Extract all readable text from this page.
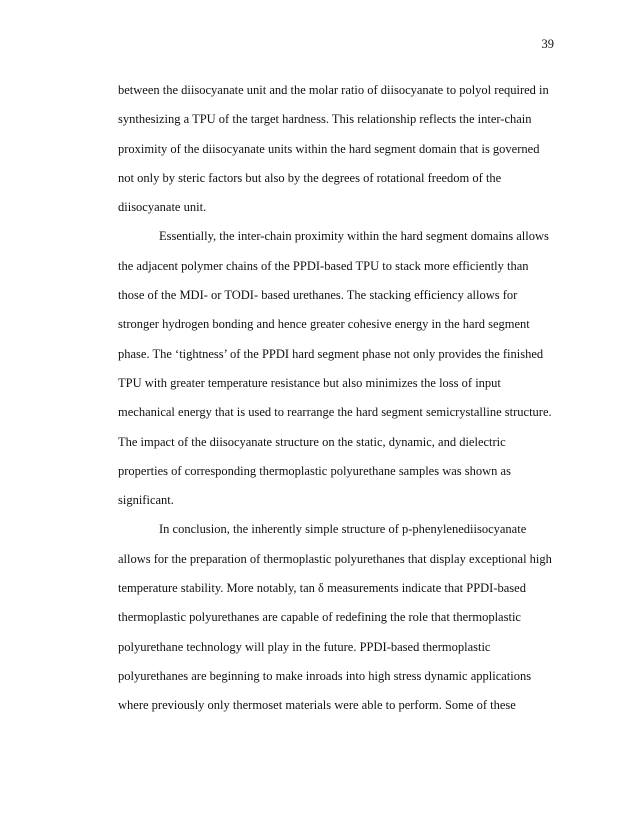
39
between the diisocyanate unit and the molar ratio of diisocyanate to polyol required in
synthesizing a TPU of the target hardness. This relationship reflects the inter-chain
proximity of the diisocyanate units within the hard segment domain that is governed
not only by steric factors but also by the degrees of rotational freedom of the
diisocyanate unit.
Essentially, the inter-chain proximity within the hard segment domains allows
the adjacent polymer chains of the PPDI-based TPU to stack more efficiently than
those of the MDI- or TODI- based urethanes. The stacking efficiency allows for
stronger hydrogen bonding and hence greater cohesive energy in the hard segment
phase. The ‘tightness’ of the PPDI hard segment phase not only provides the finished
TPU with greater temperature resistance but also minimizes the loss of input
mechanical energy that is used to rearrange the hard segment semicrystalline structure.
The impact of the diisocyanate structure on the static, dynamic, and dielectric
properties of corresponding thermoplastic polyurethane samples was shown as
significant.
In conclusion, the inherently simple structure of p-phenylenediisocyanate
allows for the preparation of thermoplastic polyurethanes that display exceptional high
temperature stability. More notably, tan δ measurements indicate that PPDI-based
thermoplastic polyurethanes are capable of redefining the role that thermoplastic
polyurethane technology will play in the future. PPDI-based thermoplastic
polyurethanes are beginning to make inroads into high stress dynamic applications
where previously only thermoset materials were able to perform. Some of these
